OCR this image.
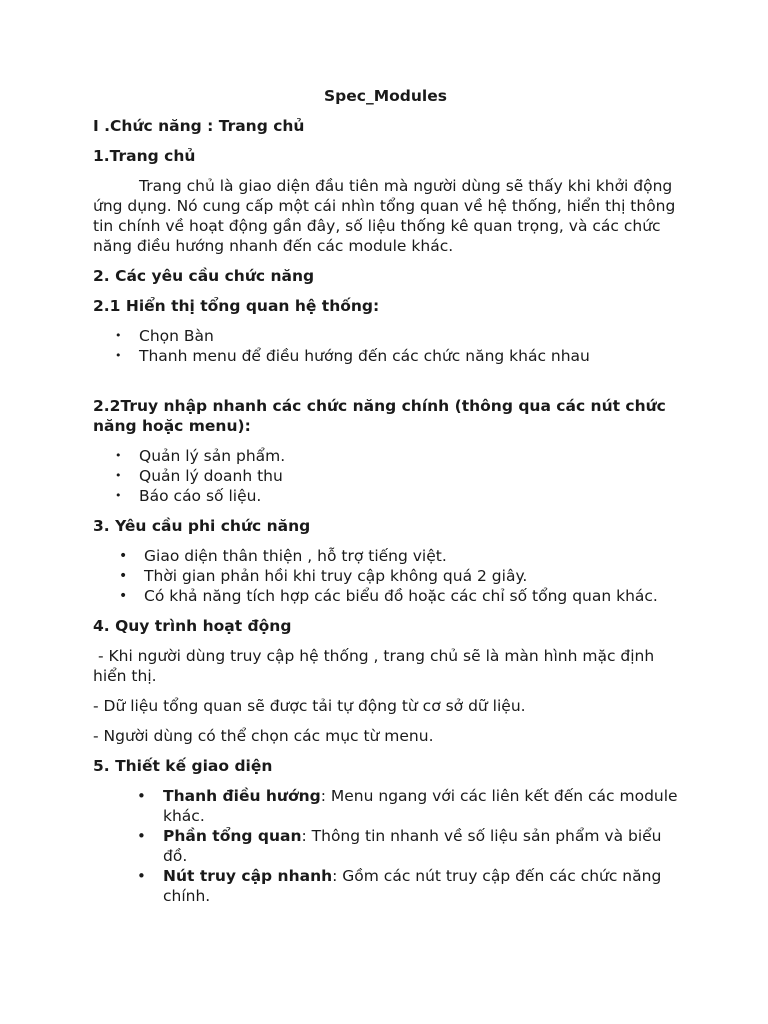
Spec_Modules
I .Chức năng : Trang chủ
1.Trang chủ
Trang chủ là giao diện đầu tiên mà người dùng sẽ thấy khi khởi động ứng dụng. Nó cung cấp một cái nhìn tổng quan về hệ thống, hiển thị thông tin chính về hoạt động gần đây, số liệu thống kê quan trọng, và các chức năng điều hướng nhanh đến các module khác.
2. Các yêu cầu chức năng
2.1 Hiển thị tổng quan hệ thống:
• Chọn Bàn
• Thanh menu để điều hướng đến các chức năng khác nhau
2.2Truy nhập nhanh các chức năng chính (thông qua các nút chức năng hoặc menu):
• Quản lý sản phẩm.
• Quản lý doanh thu
• Báo cáo số liệu.
3. Yêu cầu phi chức năng
• Giao diện thân thiện , hỗ trợ tiếng việt.
• Thời gian phản hồi khi truy cập không quá 2 giây.
• Có khả năng tích hợp các biểu đồ hoặc các chỉ số tổng quan khác.
4. Quy trình hoạt động
- Khi người dùng truy cập hệ thống , trang chủ sẽ là màn hình mặc định hiển thị.
- Dữ liệu tổng quan sẽ được tải tự động từ cơ sở dữ liệu.
- Người dùng có thể chọn các mục từ menu.
5. Thiết kế giao diện
• Thanh điều hướng: Menu ngang với các liên kết đến các module khác.
• Phần tổng quan: Thông tin nhanh về số liệu sản phẩm và biểu đồ.
• Nút truy cập nhanh: Gồm các nút truy cập đến các chức năng chính.
